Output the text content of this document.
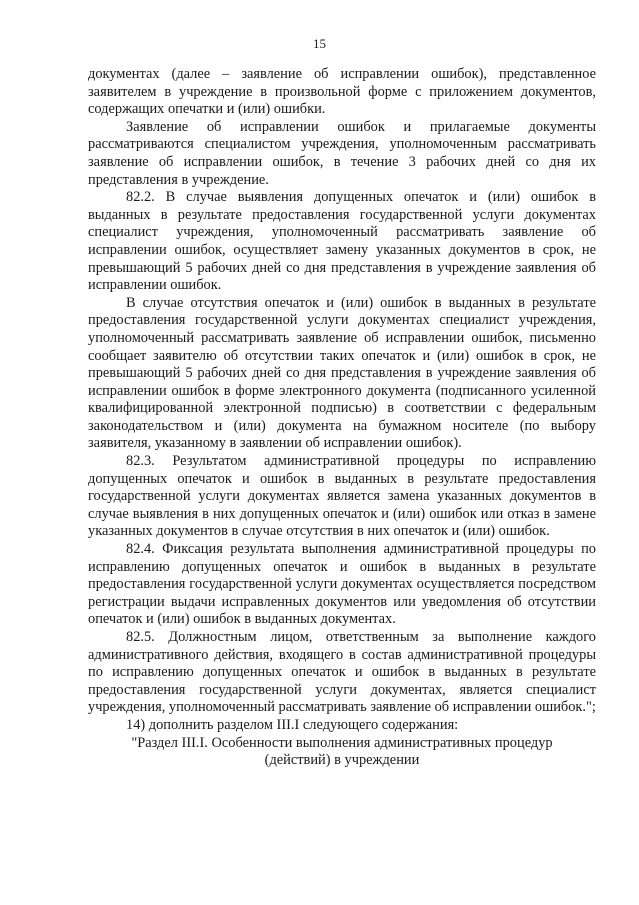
15

документах (далее – заявление об исправлении ошибок), представленное заявителем в учреждение в произвольной форме с приложением документов, содержащих опечатки и (или) ошибки.

Заявление об исправлении ошибок и прилагаемые документы рассматриваются специалистом учреждения, уполномоченным рассматривать заявление об исправлении ошибок, в течение 3 рабочих дней со дня их представления в учреждение.

82.2. В случае выявления допущенных опечаток и (или) ошибок в выданных в результате предоставления государственной услуги документах специалист учреждения, уполномоченный рассматривать заявление об исправлении ошибок, осуществляет замену указанных документов в срок, не превышающий 5 рабочих дней со дня представления в учреждение заявления об исправлении ошибок.

В случае отсутствия опечаток и (или) ошибок в выданных в результате предоставления государственной услуги документах специалист учреждения, уполномоченный рассматривать заявление об исправлении ошибок, письменно сообщает заявителю об отсутствии таких опечаток и (или) ошибок в срок, не превышающий 5 рабочих дней со дня представления в учреждение заявления об исправлении ошибок в форме электронного документа (подписанного усиленной квалифицированной электронной подписью) в соответствии с федеральным законодательством и (или) документа на бумажном носителе (по выбору заявителя, указанному в заявлении об исправлении ошибок).

82.3. Результатом административной процедуры по исправлению допущенных опечаток и ошибок в выданных в результате предоставления государственной услуги документах является замена указанных документов в случае выявления в них допущенных опечаток и (или) ошибок или отказ в замене указанных документов в случае отсутствия в них опечаток и (или) ошибок.

82.4. Фиксация результата выполнения административной процедуры по исправлению допущенных опечаток и ошибок в выданных в результате предоставления государственной услуги документах осуществляется посредством регистрации выдачи исправленных документов или уведомления об отсутствии опечаток и (или) ошибок в выданных документах.

82.5. Должностным лицом, ответственным за выполнение каждого административного действия, входящего в состав административной процедуры по исправлению допущенных опечаток и ошибок в выданных в результате предоставления государственной услуги документах, является специалист учреждения, уполномоченный рассматривать заявление об исправлении ошибок.";

14) дополнить разделом III.I следующего содержания:

"Раздел III.I. Особенности выполнения административных процедур (действий) в учреждении
